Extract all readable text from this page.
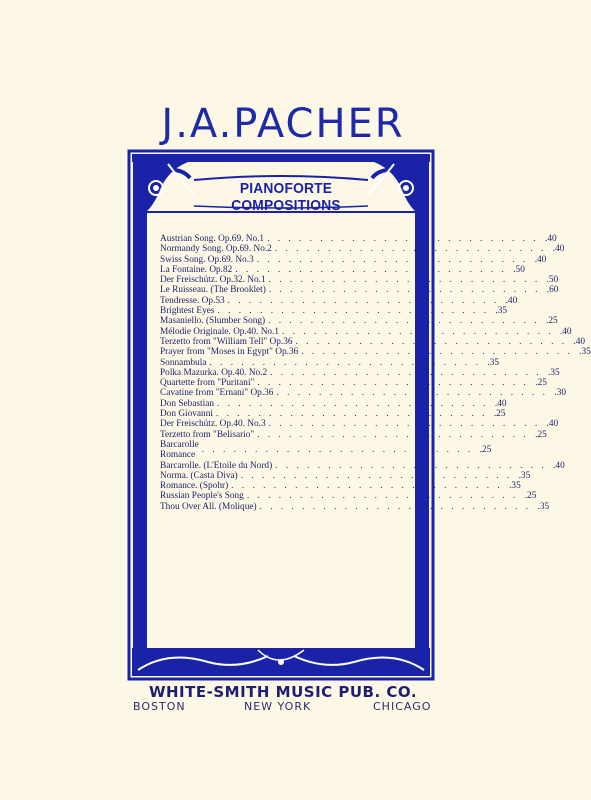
J.A.PACHER
PIANOFORTE COMPOSITIONS
Austrian Song. Op.69. No.1 . . . . . . . . . . . . . . . . . . . . . . . . . . .40
Normandy Song. Op.69. No.2 . . . . . . . . . . . . . . . . . . . . . . . . . . .40
Swiss Song. Op.69. No.3 . . . . . . . . . . . . . . . . . . . . . . . . . . .40
La Fontaine. Op.82 . . . . . . . . . . . . . . . . . . . . . . . . . . .50
Der Freischütz. Op.32. No.1 . . . . . . . . . . . . . . . . . . . . . . . . . . .50
Le Ruisseau. (The Brooklet) . . . . . . . . . . . . . . . . . . . . . . . . . . .60
Tendresse. Op.53 . . . . . . . . . . . . . . . . . . . . . . . . . . .40
Brightest Eyes . . . . . . . . . . . . . . . . . . . . . . . . . . .35
Masaniello. (Slumber Song) . . . . . . . . . . . . . . . . . . . . . . . . . . .25
Mélodie Originale. Op.40. No.1 . . . . . . . . . . . . . . . . . . . . . . . . . . .40
Terzetto from "William Tell" Op.36 . . . . . . . . . . . . . . . . . . . . . . . . . . .40
Prayer from "Moses in Egypt" Op.36 . . . . . . . . . . . . . . . . . . . . . . . . . . .35
Sonnambula . . . . . . . . . . . . . . . . . . . . . . . . . . .35
Polka Mazurka. Op.40. No.2 . . . . . . . . . . . . . . . . . . . . . . . . . . .35
Quartette from "Puritani" . . . . . . . . . . . . . . . . . . . . . . . . . . .25
Cavatine from "Ernani" Op.36 . . . . . . . . . . . . . . . . . . . . . . . . . . .30
Don Sebastian . . . . . . . . . . . . . . . . . . . . . . . . . . .40
Don Giovanni . . . . . . . . . . . . . . . . . . . . . . . . . . .25
Der Freischütz. Op.40. No.3 . . . . . . . . . . . . . . . . . . . . . . . . . . .40
Terzetto from "Belisario" . . . . . . . . . . . . . . . . . . . . . . . . . . .25
Barcarolle
Romance
. . . . . . . . . . . . . . . . . . . . . . . . . . .25
Barcarolle. (L'Etoile du Nord) . . . . . . . . . . . . . . . . . . . . . . . . . . .40
Norma. (Casta Diva) . . . . . . . . . . . . . . . . . . . . . . . . . . .35
Romance. (Spohr) . . . . . . . . . . . . . . . . . . . . . . . . . . .35
Russian People's Song . . . . . . . . . . . . . . . . . . . . . . . . . . .25
Thou Over All. (Molique) . . . . . . . . . . . . . . . . . . . . . . . . . . .35
WHITE-SMITH MUSIC PUB. CO.
BOSTON	NEW YORK	CHICAGO
